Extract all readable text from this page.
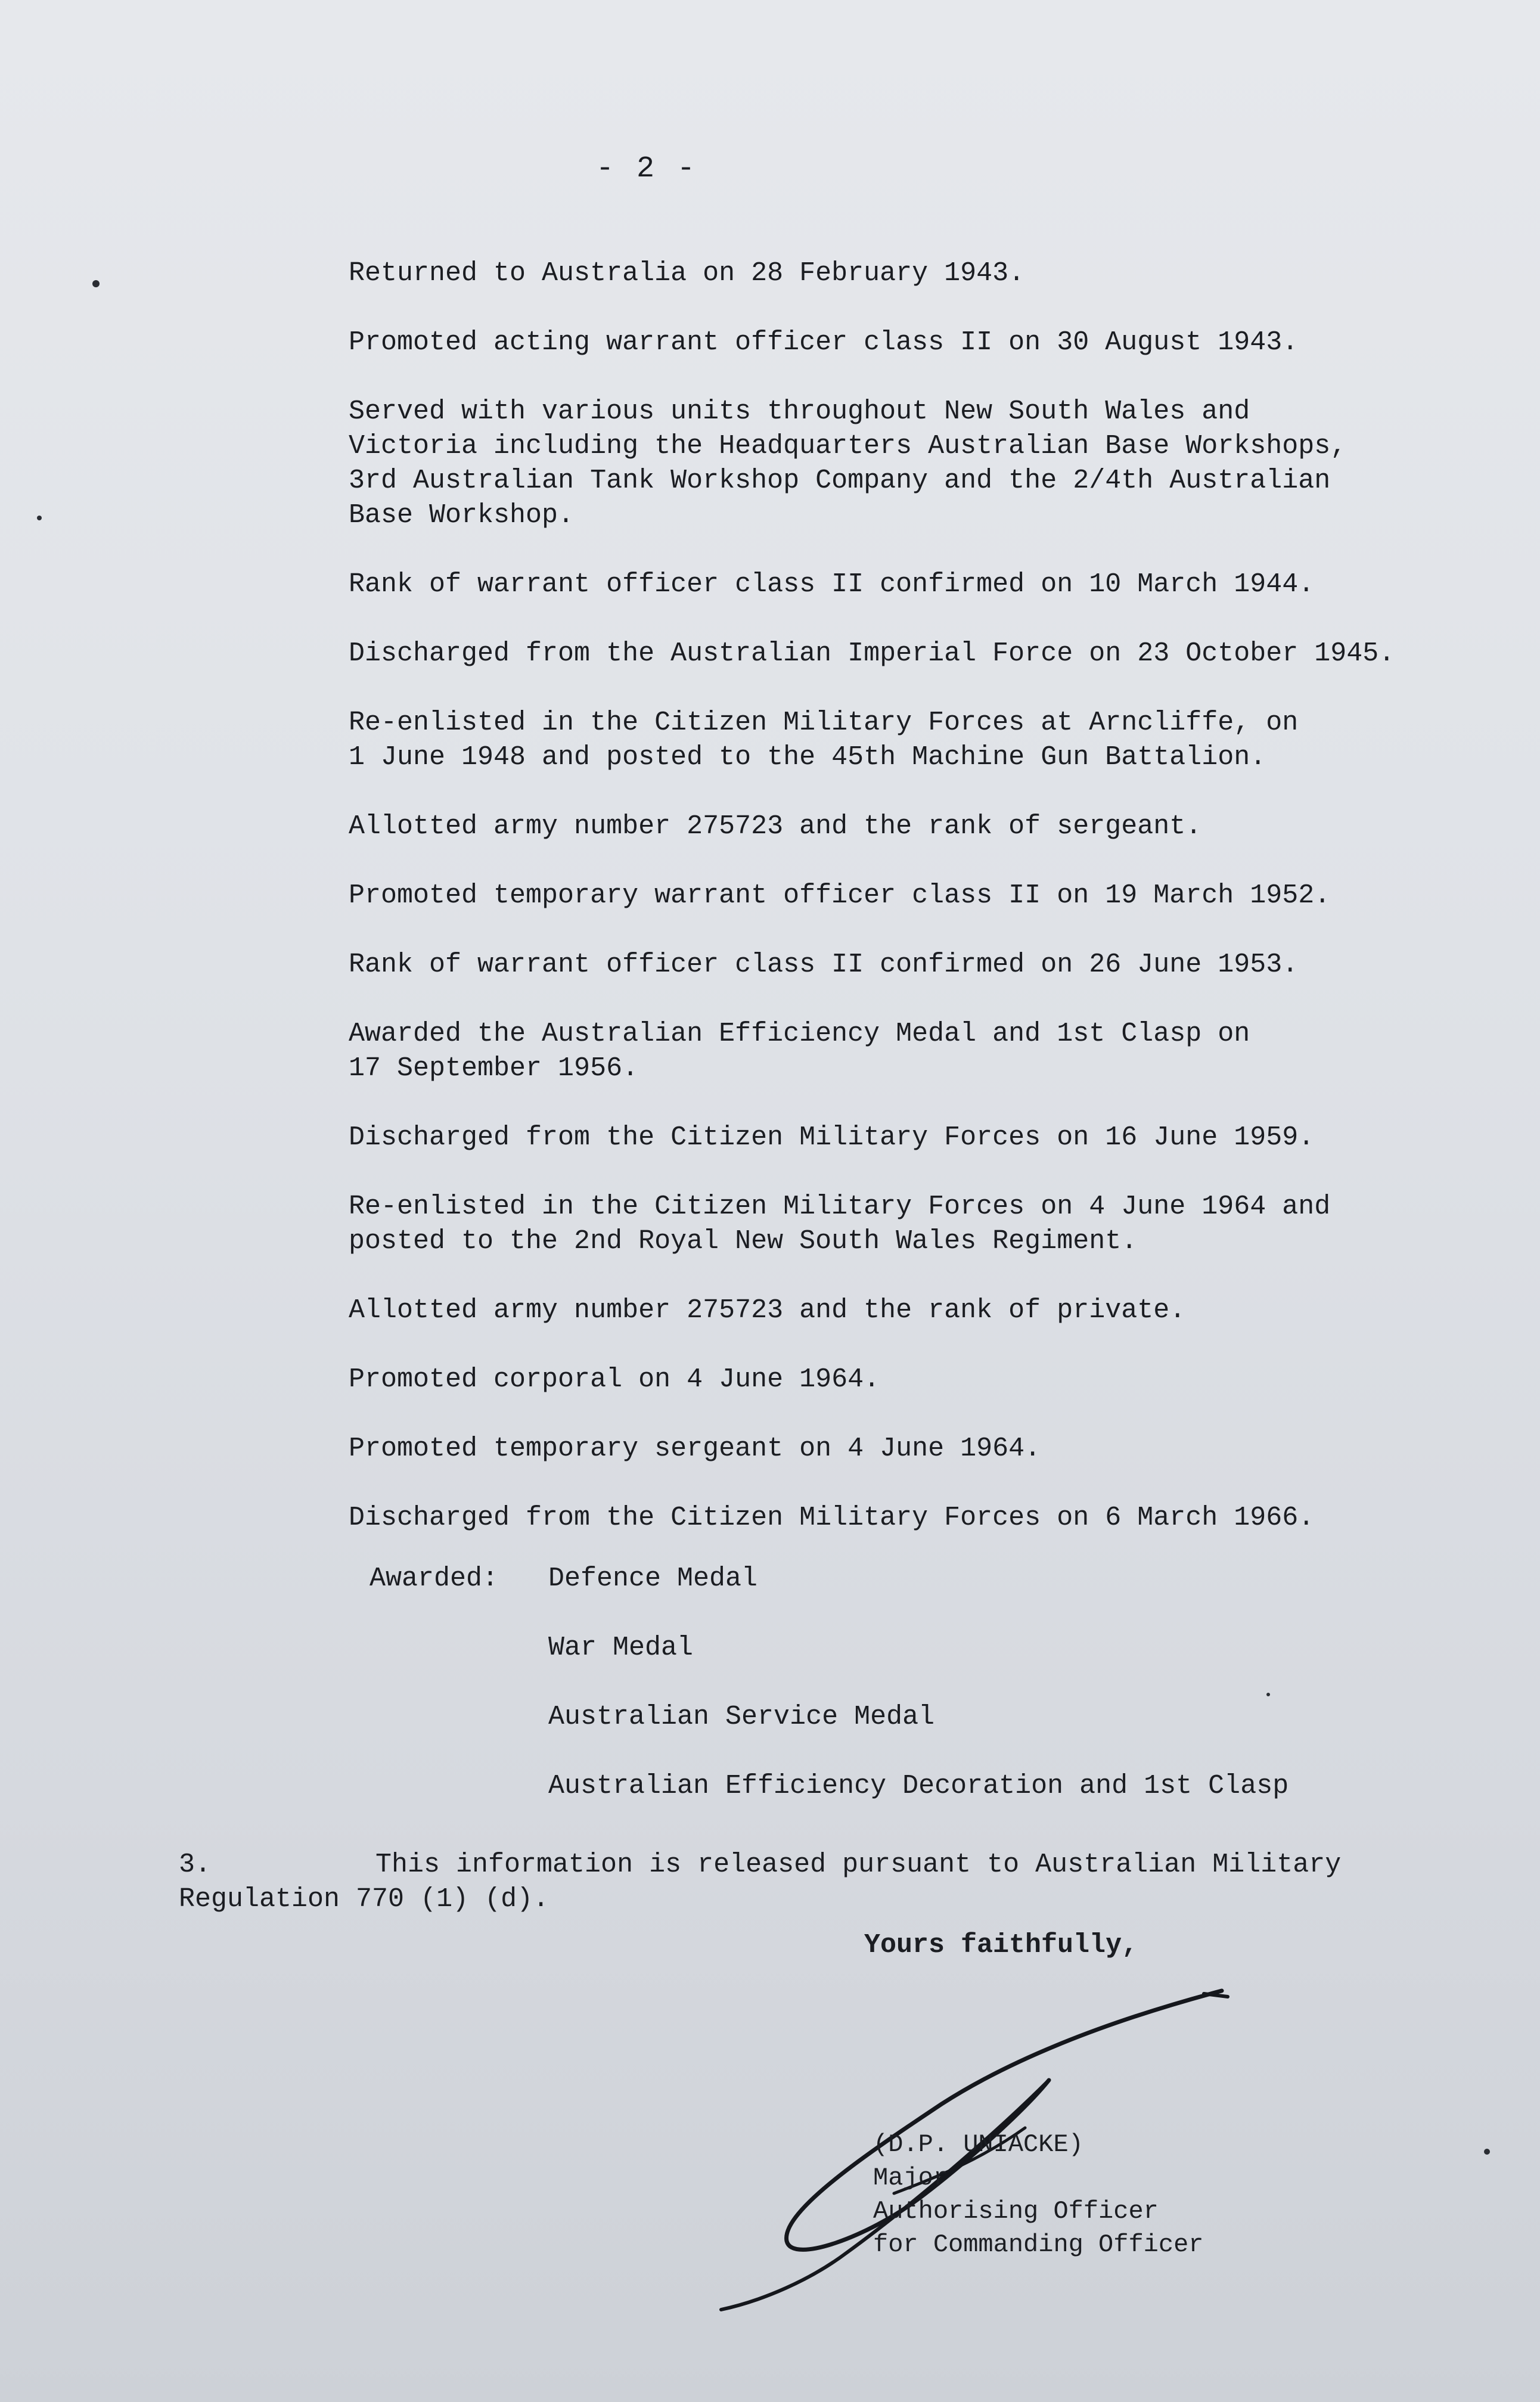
- 2 -
Returned to Australia on 28 February 1943.
Promoted acting warrant officer class II on 30 August 1943.
Served with various units throughout New South Wales and
Victoria including the Headquarters Australian Base Workshops,
3rd Australian Tank Workshop Company and the 2/4th Australian
Base Workshop.
Rank of warrant officer class II confirmed on 10 March 1944.
Discharged from the Australian Imperial Force on 23 October 1945.
Re-enlisted in the Citizen Military Forces at Arncliffe, on
1 June 1948 and posted to the 45th Machine Gun Battalion.
Allotted army number 275723 and the rank of sergeant.
Promoted temporary warrant officer class II on 19 March 1952.
Rank of warrant officer class II confirmed on 26 June 1953.
Awarded the Australian Efficiency Medal and 1st Clasp on
17 September 1956.
Discharged from the Citizen Military Forces on 16 June 1959.
Re-enlisted in the Citizen Military Forces on 4 June 1964 and
posted to the 2nd Royal New South Wales Regiment.
Allotted army number 275723 and the rank of private.
Promoted corporal on 4 June 1964.
Promoted temporary sergeant on 4 June 1964.
Discharged from the Citizen Military Forces on 6 March 1966.
Awarded:	Defence Medal
War Medal
Australian Service Medal
Australian Efficiency Decoration and 1st Clasp
3.	This information is released pursuant to Australian Military Regulation 770 (1) (d).
Yours faithfully,
(D.P. UNIACKE)
Major
Authorising Officer
for Commanding Officer
